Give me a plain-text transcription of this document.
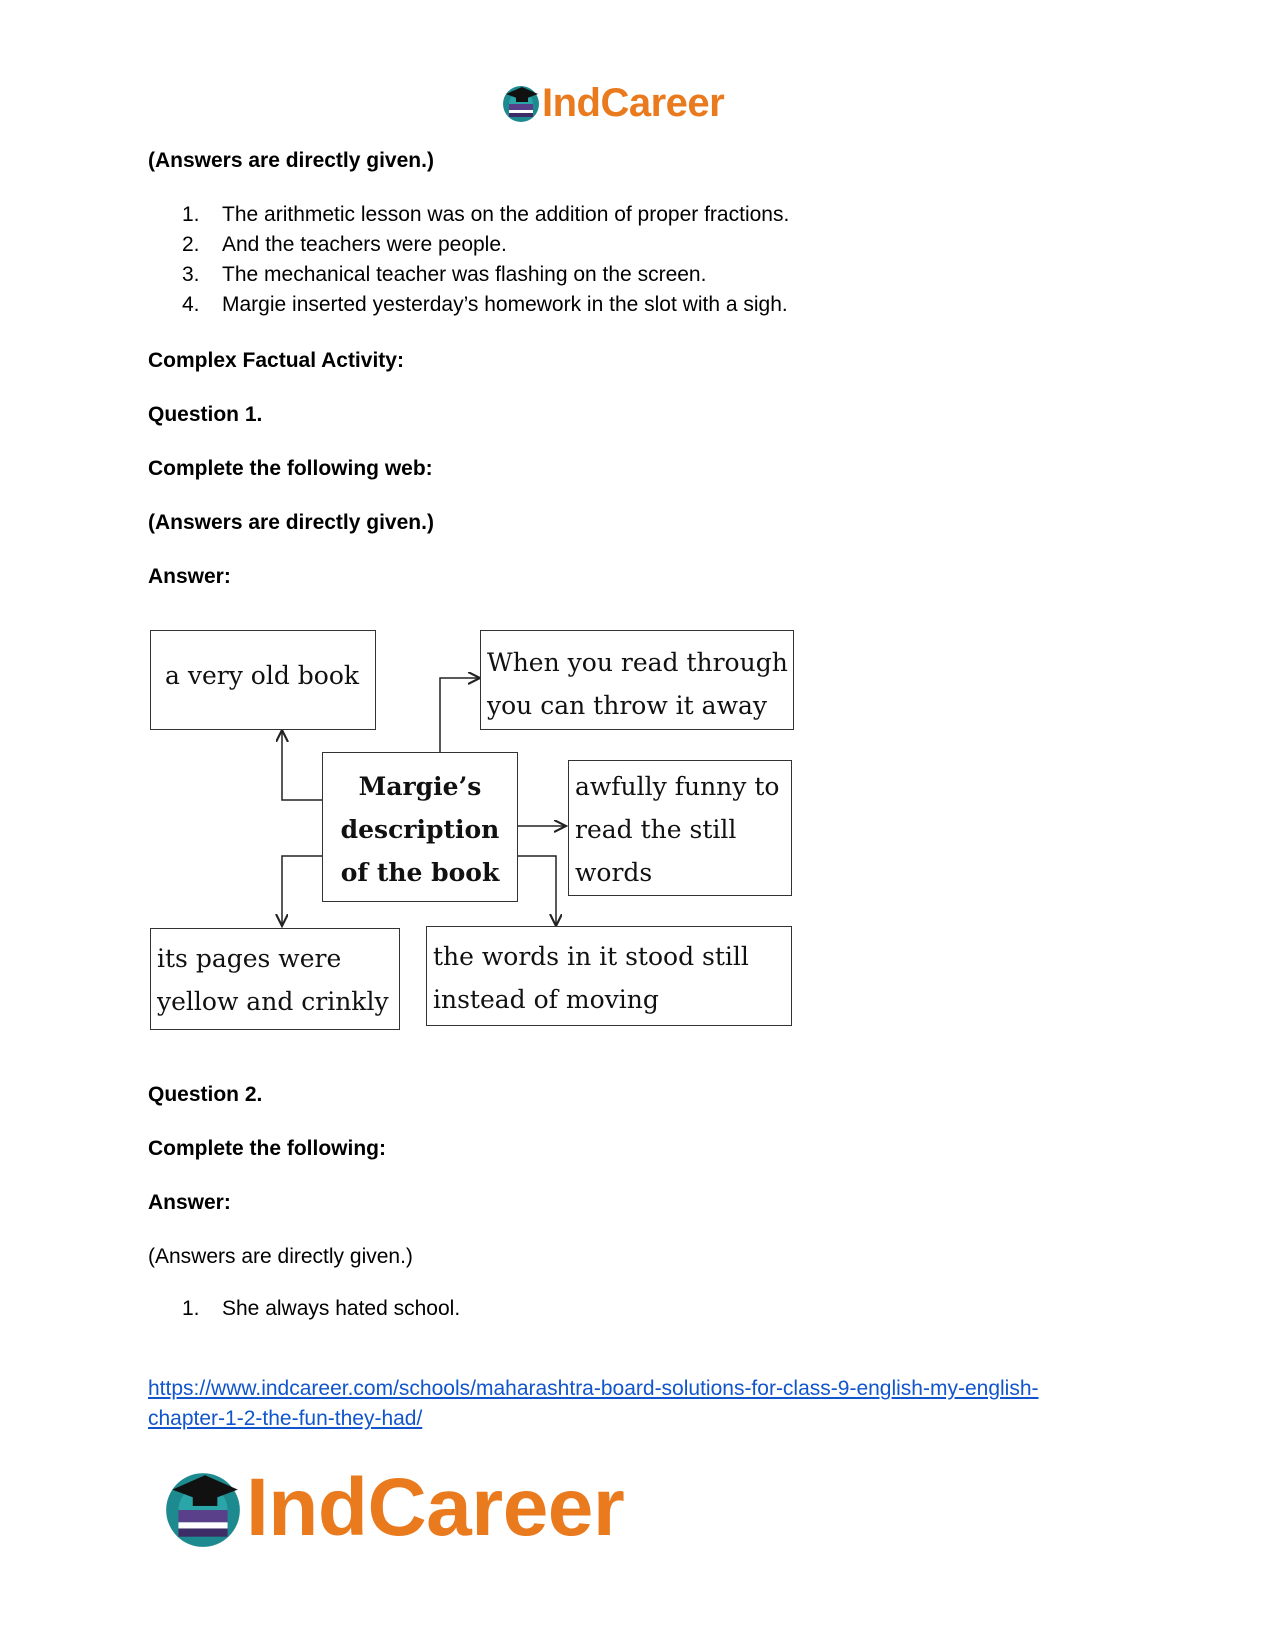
IndCareer
(Answers are directly given.)
1.	The arithmetic lesson was on the addition of proper fractions.
2.	And the teachers were people.
3.	The mechanical teacher was flashing on the screen.
4.	Margie inserted yesterday’s homework in the slot with a sigh.
Complex Factual Activity:
Question 1.
Complete the following web:
(Answers are directly given.)
Answer:
a very old book	When you read through
you can throw it away
Margie’s
description
of the book
awfully funny to
read the still
words
its pages were
yellow and crinkly
the words in it stood still
instead of moving
Question 2.
Complete the following:
Answer:
(Answers are directly given.)
1.	She always hated school.
https://www.indcareer.com/schools/maharashtra-board-solutions-for-class-9-english-my-english-
chapter-1-2-the-fun-they-had/
IndCareer
